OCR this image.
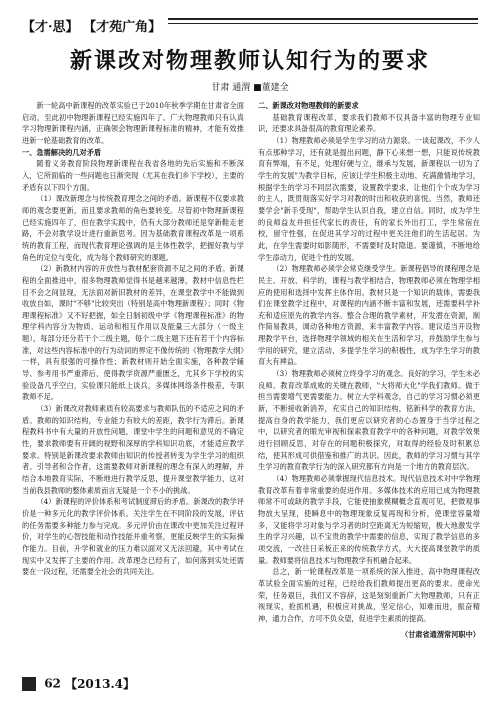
【才·思】 【才苑广角】
新课改对物理教师认知行为的要求
甘肃 通渭 ■董建全

新一轮高中新课程的改革实验已于2010年秋季学期在甘肃省全面启动，至此初中物理新课程已经实施四年了。广大物理教师只有认真学习物理新课程内涵，正确领会物理新课程标准的精神，才能有效推进新一轮基础教育的改革。

一、急需解决的几对矛盾

随着义务教育阶段物理新课程在我省各地的先后实施和不断深入，它所面临的一些问题也日渐突现（尤其在我们乡下学校），主要的矛盾有以下四个方面。

（1）课改新理念与传统教育理念之间的矛盾。新课程不仅要求教师的观念要更新，而且要求教师的角色要转变。尽管初中物理新课程已经实施四年了，但在教学实践中，仍有大部分教师还是穿新鞋走老路，不会对教学设计进行重新思考。因为基础教育课程改革是一项系统的教育工程，而现代教育理论强调的是主体性教学，把握好教与学角色的定位与变化，成为每个教师研究的课题。

（2）新教材内容的开放性与教材配套资源不足之间的矛盾。新课程的全面推进中，很多物理教师觉得书是越来越薄，教材中信息性栏目不会之间显现，无法面对新旧教材的差异，在课堂教学中不能做到收放自如，课时"不够"比较突出（特别是高中物理新课程）；同时《物理课程标准》又不好把握，如全日制初级中学《物理课程标准》的物理学科内容分为物质、运动和相互作用以及能量三大部分（一级主题），每部分还分若干个二级主题，每个二级主题下还有若干个内容标准，对这些内容标准中的行为动词的界定不像传统的《物理教学大纲》一样，具有很强的可操作性；新教材则开始全面实施，各种教学辅导、参考用书严重滞后，使得教学资源严重匮乏，尤其乡下学校的实验设备几乎空白，实验课只能纸上谈兵，多媒体网络条件极差，专职教师不足。

（3）新课改对教师素质有较高要求与教师队伍的不适应之间的矛盾。教师的知识结构，专业能力有较大的差距，教学行为滞后。新课程教科书中有大量的开放性问题，课堂中学生的问题和意见的不确定性，要求教师要有开阔的视野和深厚的学科知识功底，才能适应教学要求。特别是新课改要求教师由知识的传授者转变为学生学习的组织者、引导者和合作者，这需要教师对新课程的理念有深入的理解，并结合本地教育实际，不断地进行教学反思，提升课堂教学能力，这对当前我县教师的整体素质而言无疑是一个不小的挑战。

（4）新课程的评价体系和考试制度滞后的矛盾。新课改的教学评价是一种多元化的教学评价体系。关注学生在不同阶段的发展，评估的任务需要多种能力参与完成。多元评价由在课改中更加关注过程评价，对学生的心智技能和动作技能并重考察，更能反映学生的实际操作能力。目前，升学和就业的压力难以面对又无法回避，其中考试在现实中又发挥了主要的作用。改革理念已经有了，如何落到实处还需要在一段过程，还需要全社会的共同关注。

二、新课改对物理教师的新要求

基础教育课程改革，要求我们教师不仅具备丰富的物理专业知识，还要求具备很高的教育理论素养。

（1）物理教师必须是学生学习的动力源泉。一谈起课改，不少人有点那种学习，还有就是提出问题，静下心来想一想，只能说传统教育有弊端，有不足，处理好硬与立，继承与发展，新课程以一切为了学生的发展"为教学目标，应该让学生积极主动地、充满激情地学习，根据学生的学习不同层次需要，设置教学要求，让他们个个成为学习的主人，既贯彻落实好学习对教的时出和收获的喜悦。当然，教师还要学会"新手受现"，帮助学生认识自我，建立自信。同时，成为学生的良师益友并担任代家长的责任，有的家长外出打工，学生常宿在校，留守性强，在促进其学习的过程中更关注他们的生活起居。为此，在学生需要时如影随形，不需要时及时隐退。要谨慎，不断地给学生添动力，促进个性的发展。

（2）物理教师必须学会常克继受学生。新课程倡导的课程理念是民主、开放、科学的，课程与教学相结合，物理教师必须在物理学相应的使用和选择中发挥主体作用。教材只是一个知识的载体，需要我们在课堂教学过程中，对课程的内涵不断丰富和发展，还需要科学补充和适应原先的教学内容。整合合理的教学素材，开发潜在资源，制作简易教具，调动各种地方资源，来丰富教学内容。建议适当开设物理教学平台，选择物理学领域的相关在生活和学习，并鼓励学生参与学用的研究，建立活动，多提学生学习的积极性，成为学生学习的教育大有裨益。

（3）物理教师必须树立终身学习的观念。良好的学习，学生未必良师。教育改革成败的关键在教师，"大将师大化"学我们教师。做于担当需要增气更需要能力。树立大学科观念，自己的学习习惯必须更新，不断接收新消养，充实自己的知识结构，铭新科学的教育方法，提高自身的教学能力，我们更应以研究者的心态置身于当学过程之中，以研究者的眼光审视和探索教育教学中的各种问题，对教学效果进行回顾反思，对存在的问题积极探究，对取得的经验及时积累总结，使其形成可供借鉴和推广的共识。因此，教师的学习习惯与其学生学习的教育教学行为的深入研究都有方向是一个地方的教育层次。

（4）物理教师必须掌握现代信息技术。现代信息技术对中学物理教育改革有着非常重要的促进作用。多媒体技术的应用已成为物理教师常不可或缺的教学手段，它能使抽象模糊概念直观可见，把微观事物放大呈现，使瞬息中的物理现象反复再现和分析，使课堂容量增多，又能将学习对象与学习者的时空距离无为短缩短，极大地激发学生的学习兴趣，以不宝贵的教学中需要的信息，实现了教学信息的多项交流，一改往日采板正来的传统教学方式，大大提高课堂教学的质量。教师要将信息技术与物理教学有机融合起来。

总之，新一轮课程改革是一项系统的深入推进，高中物理课程改革试验全面实施的过程，已经给我们教师提出更高的要求。使命光荣，任务艰巨，我们又不容辞，这是刻刻重新广大物理教师，只有正视现实，抢抓机遇，积极应对挑战，坚定信心，知难而进，振奋精神，通力合作，方可不负众望，促进学生素质的提高。

（甘肃省通渭常河职中）

62 【2013.4】
